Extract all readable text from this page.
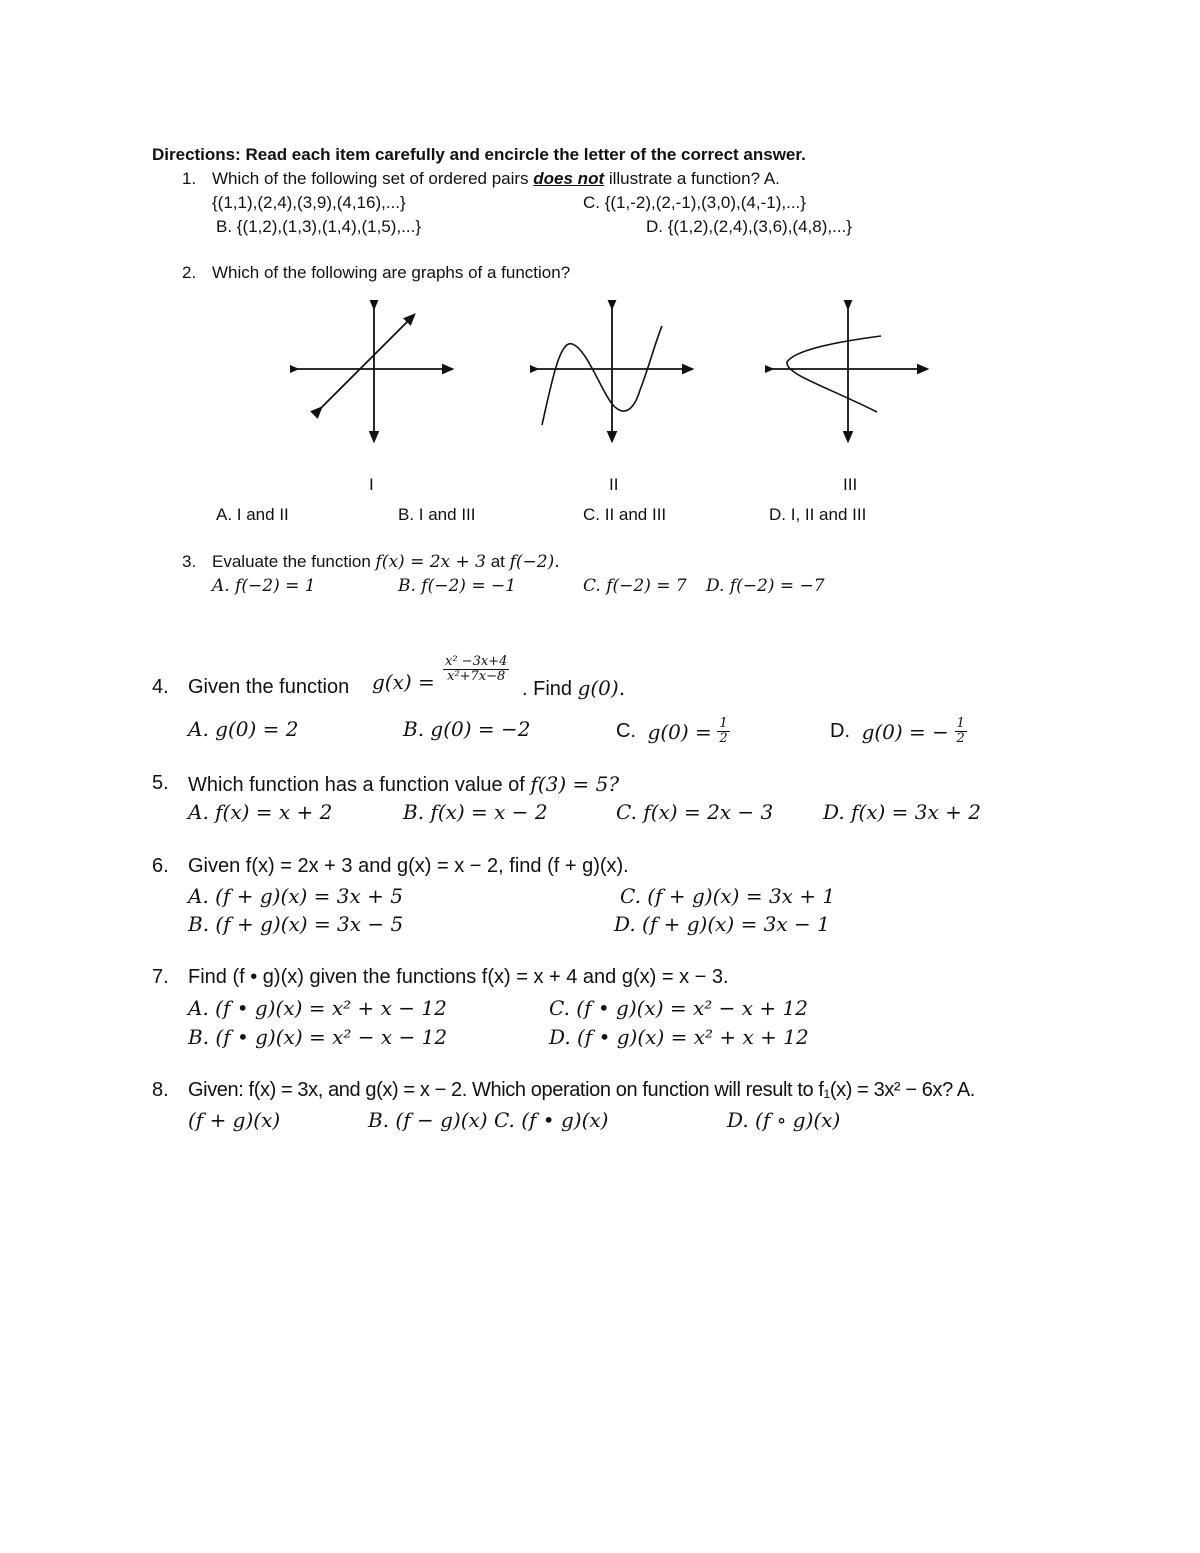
Directions: Read each item carefully and encircle the letter of the correct answer.
1. Which of the following set of ordered pairs does not illustrate a function? A.
{(1,1),(2,4),(3,9),(4,16),...}	C. {(1,-2),(2,-1),(3,0),(4,-1),...}
B. {(1,2),(1,3),(1,4),(1,5),...}	D. {(1,2),(2,4),(3,6),(4,8),...}
2. Which of the following are graphs of a function?
I	II	III
A. I and II	B. I and III	C. II and III	D. I, II and III
3. Evaluate the function f(x) = 2x + 3 at f(−2).
A. f(−2) = 1	B. f(−2) = −1	C. f(−2) = 7 D. f(−2) = −7
4. Given the function $g(x) = \frac{\text{x² −3x+4}}{\text{x²+7x−8}}$
. Find g(0).
A. g(0) = 2	B. g(0) = −2	C. $g(0) = \frac{1}{2}$	D. g(0) = − $\frac{1}{2}$
5. Which function has a function value of f(3) = 5?
A. f(x) = x + 2	B. f(x) = x − 2	C. f(x) = 2x − 3 D. f(x) = 3x + 2
6. Given f(x) = 2x + 3 and g(x) = x − 2, find (f + g)(x).
A. (f + g)(x) = 3x + 5	C. (f + g)(x) = 3x + 1
B. (f + g)(x) = 3x − 5	D. (f + g)(x) = 3x − 1
7. Find (f • g)(x) given the functions f(x) = x + 4 and g(x) = x − 3.
A. (f • g)(x) = x² + x − 12	C. (f • g)(x) = x² − x + 12
B. (f • g)(x) = x² − x − 12	D. (f • g)(x) = x² + x + 12
8. Given: f(x) = 3x, and g(x) = x − 2. Which operation on function will result to f₁(x) = 3x² − 6x? A.
(f + g)(x)	B. (f − g)(x) C. (f • g)(x)	D. (f ∘ g)(x)
